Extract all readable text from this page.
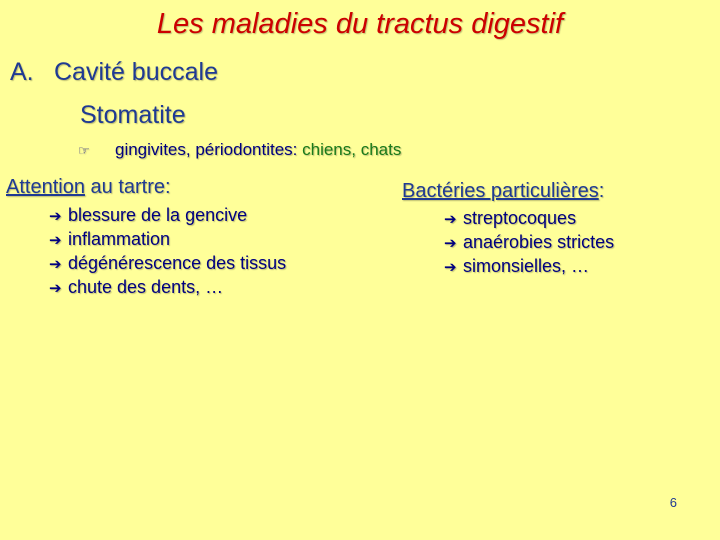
Les maladies du tractus digestif
A. Cavité buccale
Stomatite
☞ gingivites, périodontites: chiens, chats
Attention au tartre:
➔ blessure de la gencive
➔ inflammation
➔ dégénérescence des tissus
➔ chute des dents, …
Bactéries particulières:
➔ streptocoques
➔ anaérobies strictes
➔ simonsielles, …
6
